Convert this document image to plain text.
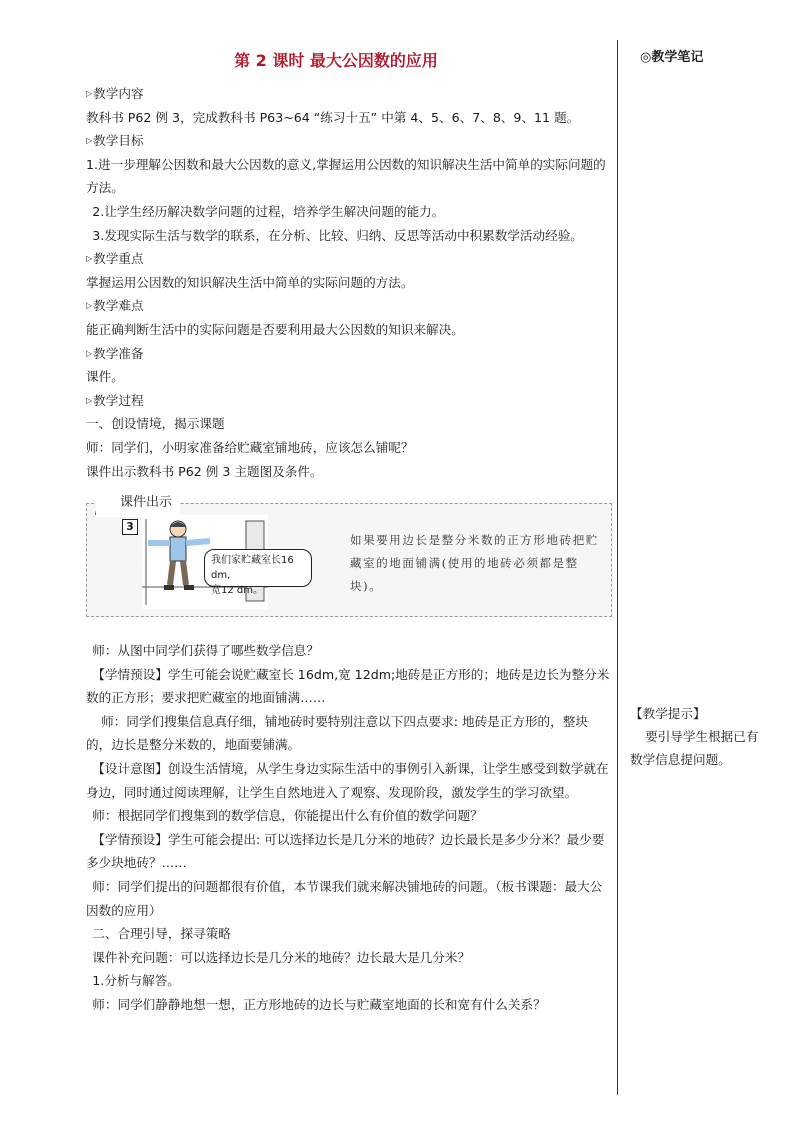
第 2 课时 最大公因数的应用	◎教学笔记

▷ 教学内容

教科书 P62 例 3，完成教科书 P63~64 “练习十五” 中第 4、5、6、7、8、9、11 题。

▷ 教学目标

1.进一步理解公因数和最大公因数的意义,掌握运用公因数的知识解决生活中简单的实际问题的方法。

2.让学生经历解决数学问题的过程，培养学生解决问题的能力。

3.发现实际生活与数学的联系，在分析、比较、归纳、反思等活动中积累数学活动经验。

▷ 教学重点

掌握运用公因数的知识解决生活中简单的实际问题的方法。

▷ 教学难点

能正确判断生活中的实际问题是否要利用最大公因数的知识来解决。

▷ 教学准备

课件。

▷ 教学过程

一、创设情境，揭示课题

师：同学们，小明家准备给贮藏室铺地砖，应该怎么铺呢？

课件出示教科书 P62 例 3 主题图及条件。

课件出示
3
我们家贮藏室长16 dm,
宽12 dm。
如果要用边长是整分米数的正方形地砖把贮藏室的地面铺满(使用的地砖必须都是整块)。

师：从图中同学们获得了哪些数学信息？

【学情预设】学生可能会说贮藏室长 16dm,宽 12dm;地砖是正方形的；地砖是边长为整分米数的正方形；要求把贮藏室的地面铺满……

师：同学们搜集信息真仔细，铺地砖时要特别注意以下四点要求: 地砖是正方形的，整块的，边长是整分米数的，地面要铺满。

【设计意图】创设生活情境，从学生身边实际生活中的事例引入新课，让学生感受到数学就在身边，同时通过阅读理解，让学生自然地进入了观察、发现阶段，激发学生的学习欲望。

师：根据同学们搜集到的数学信息，你能提出什么有价值的数学问题？

【学情预设】学生可能会提出: 可以选择边长是几分米的地砖？边长最长是多少分米？最少要多少块地砖？……

师：同学们提出的问题都很有价值，本节课我们就来解决铺地砖的问题。（板书课题：最大公因数的应用）

二、合理引导，探寻策略

课件补充问题：可以选择边长是几分米的地砖？边长最大是几分米？

1.分析与解答。

师：同学们静静地想一想，正方形地砖的边长与贮藏室地面的长和宽有什么关系？

【教学提示】

要引导学生根据已有数学信息提问题。
